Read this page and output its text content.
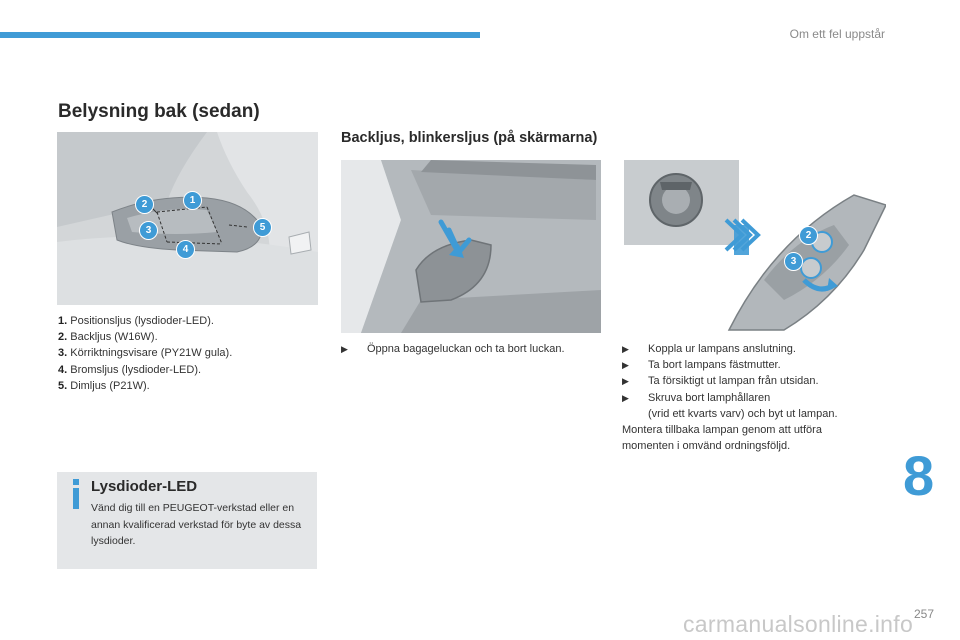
Om ett fel uppstår
Belysning bak (sedan)
Backljus, blinkersljus (på skärmarna)
1
2
3
4
5
1. Positionsljus (lysdioder-LED).
2. Backljus (W16W).
3. Körriktningsvisare (PY21W gula).
4. Bromsljus (lysdioder-LED).
5. Dimljus (P21W).
Lysdioder-LED
Vänd dig till en PEUGEOT-verkstad eller en annan kvalificerad verkstad för byte av dessa lysdioder.
▶	Öppna bagageluckan och ta bort luckan.
2
3
▶	Koppla ur lampans anslutning.
▶	Ta bort lampans fästmutter.
▶	Ta försiktigt ut lampan från utsidan.
▶	Skruva bort lamphållaren
(vrid ett kvarts varv) och byt ut lampan.
Montera tillbaka lampan genom att utföra
momenten i omvänd ordningsföljd.	8
carmanualsonline.info 257
